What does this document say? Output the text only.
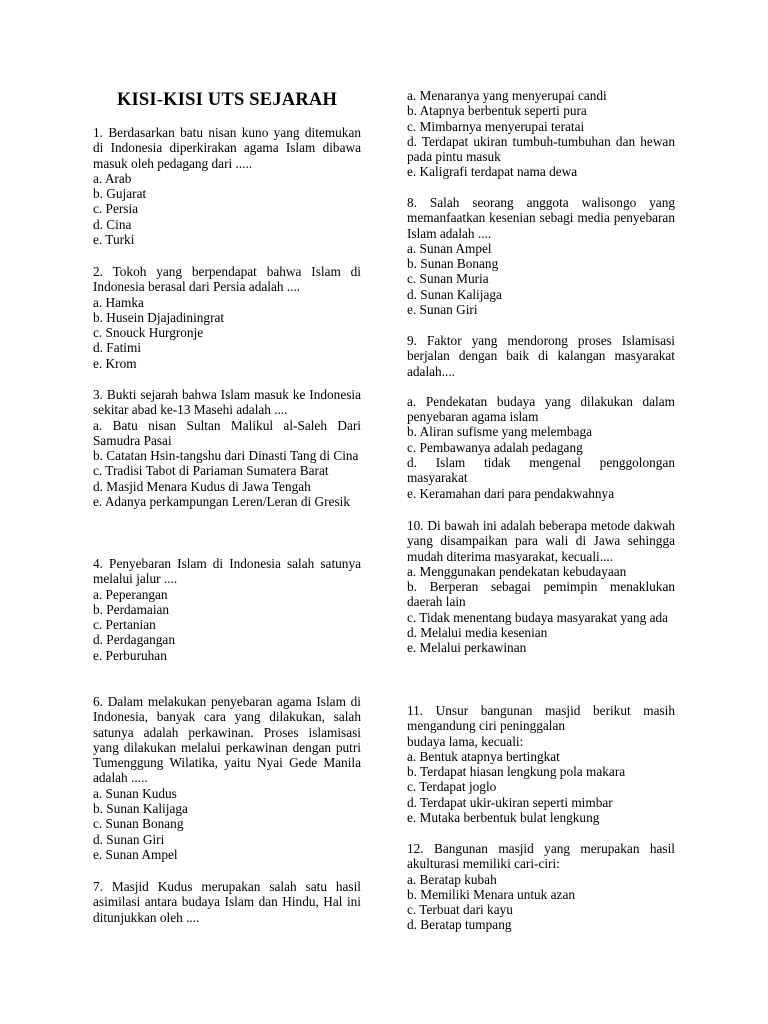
KISI-KISI UTS SEJARAH
1. Berdasarkan batu nisan kuno yang ditemukan di Indonesia diperkirakan agama Islam dibawa masuk oleh pedagang dari .....
a. Arab
b. Gujarat
c. Persia
d. Cina
e. Turki
2. Tokoh yang berpendapat bahwa Islam di Indonesia berasal dari Persia adalah ....
a. Hamka
b. Husein Djajadiningrat
c. Snouck Hurgronje
d. Fatimi
e. Krom
3. Bukti sejarah bahwa Islam masuk ke Indonesia sekitar abad ke-13 Masehi adalah ....
a. Batu nisan Sultan Malikul al-Saleh Dari Samudra Pasai
b. Catatan Hsin-tangshu dari Dinasti Tang di Cina
c. Tradisi Tabot di Pariaman Sumatera Barat
d. Masjid Menara Kudus di Jawa Tengah
e. Adanya perkampungan Leren/Leran di Gresik
4. Penyebaran Islam di Indonesia salah satunya melalui jalur ....
a. Peperangan
b. Perdamaian
c. Pertanian
d. Perdagangan
e. Perburuhan
6. Dalam melakukan penyebaran agama Islam di Indonesia, banyak cara yang dilakukan, salah satunya adalah perkawinan. Proses islamisasi yang dilakukan melalui perkawinan dengan putri Tumenggung Wilatika, yaitu Nyai Gede Manila adalah .....
a. Sunan Kudus
b. Sunan Kalijaga
c. Sunan Bonang
d. Sunan Giri
e. Sunan Ampel
7. Masjid Kudus merupakan salah satu hasil asimilasi antara budaya Islam dan Hindu, Hal ini ditunjukkan oleh ....
a. Menaranya yang menyerupai candi
b. Atapnya berbentuk seperti pura
c. Mimbarnya menyerupai teratai
d. Terdapat ukiran tumbuh-tumbuhan dan hewan pada pintu masuk
e. Kaligrafi terdapat nama dewa
8. Salah seorang anggota walisongo yang memanfaatkan kesenian sebagi media penyebaran Islam adalah ....
a. Sunan Ampel
b. Sunan Bonang
c. Sunan Muria
d. Sunan Kalijaga
e. Sunan Giri
9. Faktor yang mendorong proses Islamisasi berjalan dengan baik di kalangan masyarakat adalah....
a. Pendekatan budaya yang dilakukan dalam penyebaran agama islam
b. Aliran sufisme yang melembaga
c. Pembawanya adalah pedagang
d. Islam tidak mengenal penggolongan masyarakat
e. Keramahan dari para pendakwahnya
10. Di bawah ini adalah beberapa metode dakwah yang disampaikan para wali di Jawa sehingga mudah diterima masyarakat, kecuali....
a. Menggunakan pendekatan kebudayaan
b. Berperan sebagai pemimpin menaklukan daerah lain
c. Tidak menentang budaya masyarakat yang ada
d. Melalui media kesenian
e. Melalui perkawinan
11. Unsur bangunan masjid berikut masih mengandung ciri peninggalan
budaya lama, kecuali:
a. Bentuk atapnya bertingkat
b. Terdapat hiasan lengkung pola makara
c. Terdapat joglo
d. Terdapat ukir-ukiran seperti mimbar
e. Mutaka berbentuk bulat lengkung
12. Bangunan masjid yang merupakan hasil akulturasi memiliki cari-ciri:
a. Beratap kubah
b. Memiliki Menara untuk azan
c. Terbuat dari kayu
d. Beratap tumpang
